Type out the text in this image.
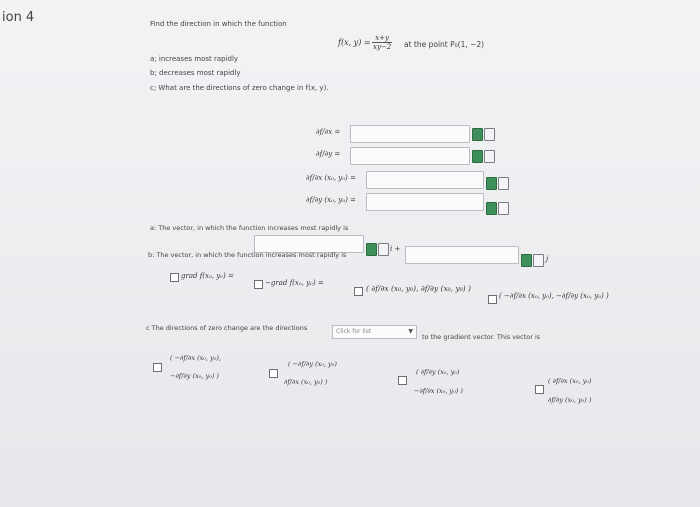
ion 4	Find the direction in which the function
f(x, $y) = \frac{x+y}{xy-2}$ at the point P₀(1, −2)
a; increases most rapidly
b; decreases most rapidly
c; What are the directions of zero change in f(x, y).
∂f/∂x =
∂f/∂y =
∂f/∂x (x₀, y₀) =
∂f/∂y (x₀, y₀) =
a: The vector, in which the function increases most rapidly is
i +
j
b: The vector, in which the function increases most rapidly is
grad f(x₀, y₀) =
−grad f(x₀, y₀) =
( ∂f/∂x (x₀, y₀), ∂f/∂y (x₀, y₀) )
( −∂f/∂x (x₀, y₀), −∂f/∂y (x₀, y₀) )
c The directions of zero change are the directions	Click for list	▼
to the gradient vector. This vector is
( −∂f/∂x (x₀, y₀),
−∂f/∂y (x₀, y₀) )
( −∂f/∂y (x₀, y₀)
∂f/∂x (x₀, y₀) )
( ∂f/∂y (x₀, y₀)
−∂f/∂x (x₀, y₀) )
( ∂f/∂x (x₀, y₀)
∂f/∂y (x₀, y₀) )
